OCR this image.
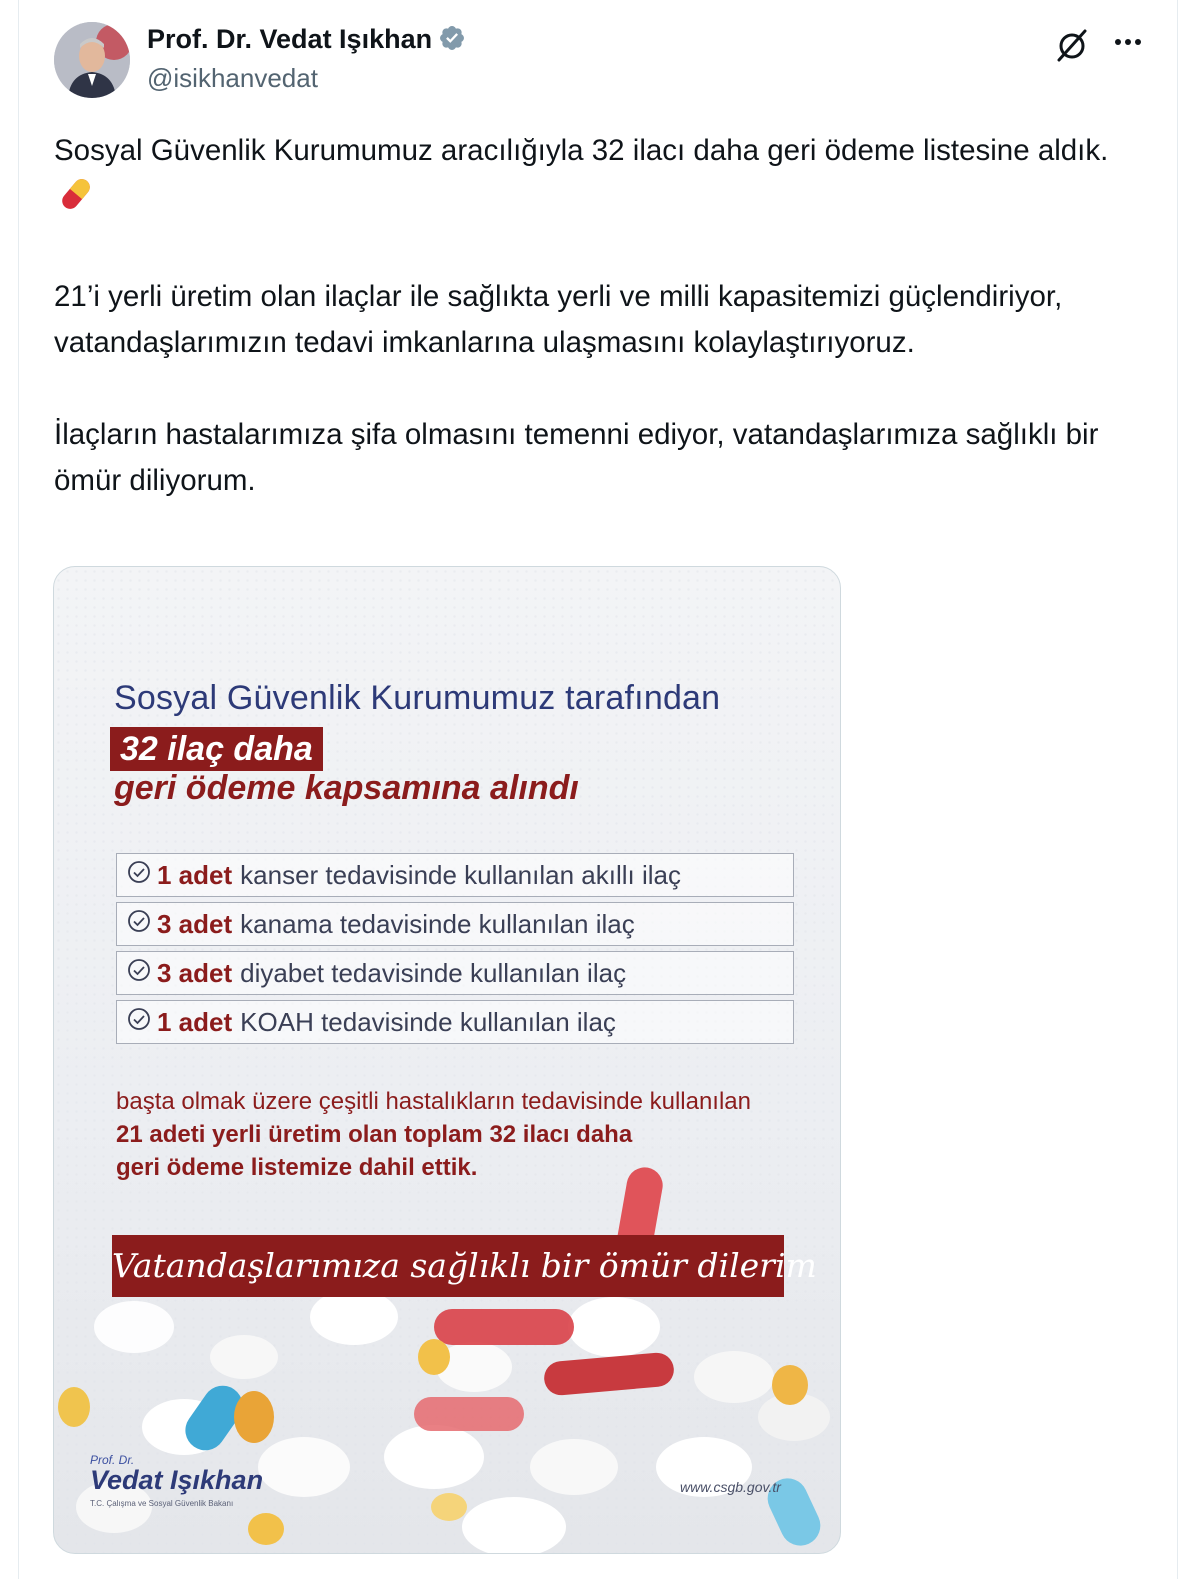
Prof. Dr. Vedat Işıkhan
@isikhanvedat

Sosyal Güvenlik Kurumumuz aracılığıyla 32 ilacı daha geri ödeme listesine aldık.

21’i yerli üretim olan ilaçlar ile sağlıkta yerli ve milli kapasitemizi güçlendiriyor, vatandaşlarımızın tedavi imkanlarına ulaşmasını kolaylaştırıyoruz.

İlaçların hastalarımıza şifa olmasını temenni ediyor, vatandaşlarımıza sağlıklı bir ömür diliyorum.

Sosyal Güvenlik Kurumumuz tarafından
32 ilaç daha
geri ödeme kapsamına alındı
1 adet kanser tedavisinde kullanılan akıllı ilaç
3 adet kanama tedavisinde kullanılan ilaç
3 adet diyabet tedavisinde kullanılan ilaç
1 adet KOAH tedavisinde kullanılan ilaç
başta olmak üzere çeşitli hastalıkların tedavisinde kullanılan
21 adeti yerli üretim olan toplam 32 ilacı daha
geri ödeme listemize dahil ettik.
Vatandaşlarımıza sağlıklı bir ömür dilerim
Prof. Dr.
Vedat Işıkhan
T.C. Çalışma ve Sosyal Güvenlik Bakanı
www.csgb.gov.tr
